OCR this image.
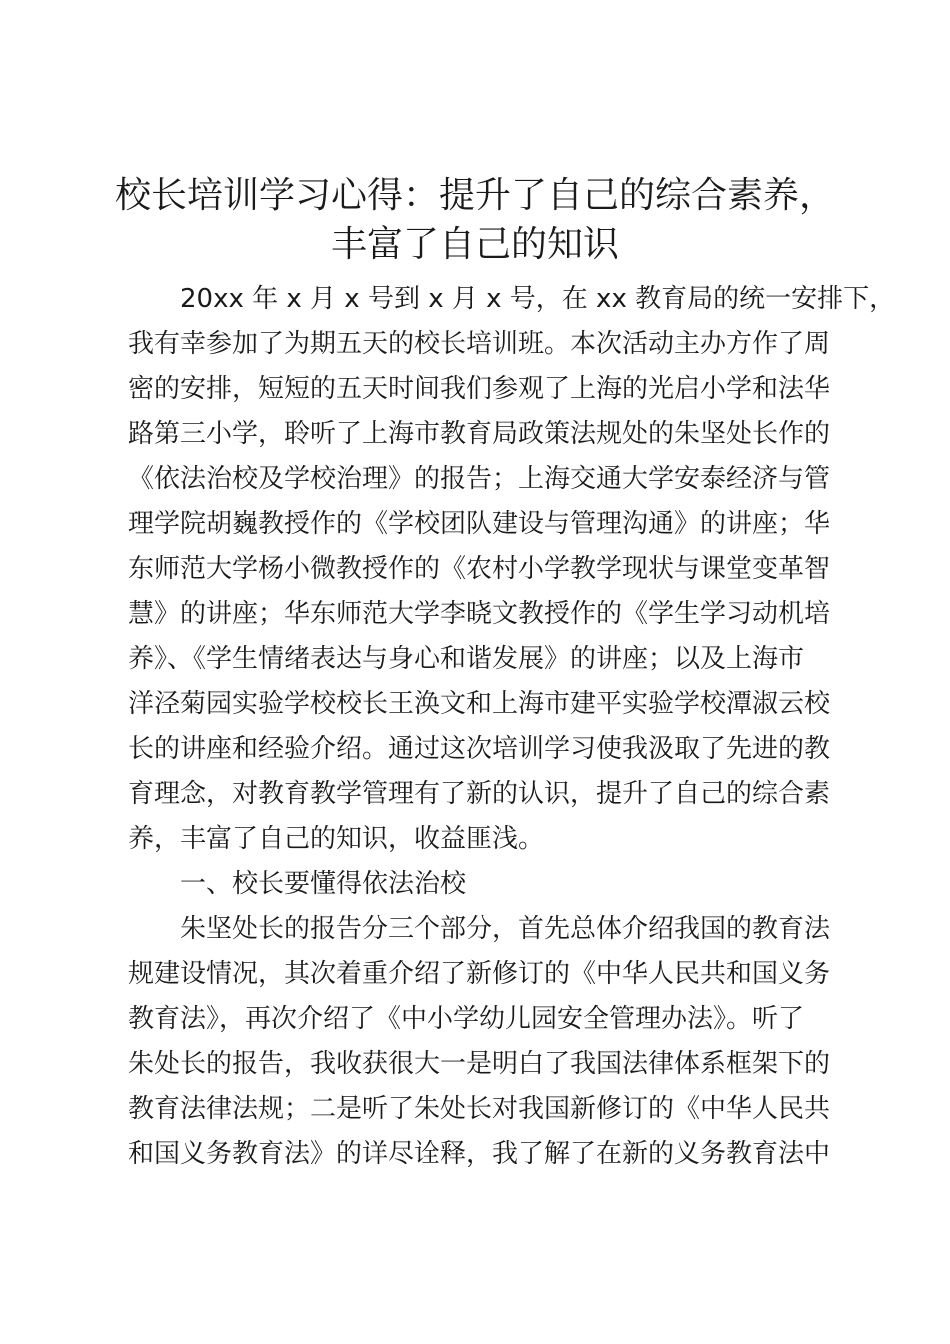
校长培训学习心得：提升了自己的综合素养，
丰富了自己的知识
　　20xx 年 x 月 x 号到 x 月 x 号，在 xx 教育局的统一安排下，
我有幸参加了为期五天的校长培训班。本次活动主办方作了周
密的安排，短短的五天时间我们参观了上海的光启小学和法华
路第三小学，聆听了上海市教育局政策法规处的朱坚处长作的
《依法治校及学校治理》的报告；上海交通大学安泰经济与管
理学院胡巍教授作的《学校团队建设与管理沟通》的讲座；华
东师范大学杨小微教授作的《农村小学教学现状与课堂变革智
慧》的讲座；华东师范大学李晓文教授作的《学生学习动机培
养》、《学生情绪表达与身心和谐发展》的讲座；以及上海市
洋泾菊园实验学校校长王涣文和上海市建平实验学校潭淑云校
长的讲座和经验介绍。通过这次培训学习使我汲取了先进的教
育理念，对教育教学管理有了新的认识，提升了自己的综合素
养，丰富了自己的知识，收益匪浅。
　　一、校长要懂得依法治校
　　朱坚处长的报告分三个部分，首先总体介绍我国的教育法
规建设情况，其次着重介绍了新修订的《中华人民共和国义务
教育法》，再次介绍了《中小学幼儿园安全管理办法》。听了
朱处长的报告，我收获很大一是明白了我国法律体系框架下的
教育法律法规；二是听了朱处长对我国新修订的《中华人民共
和国义务教育法》的详尽诠释，我了解了在新的义务教育法中
